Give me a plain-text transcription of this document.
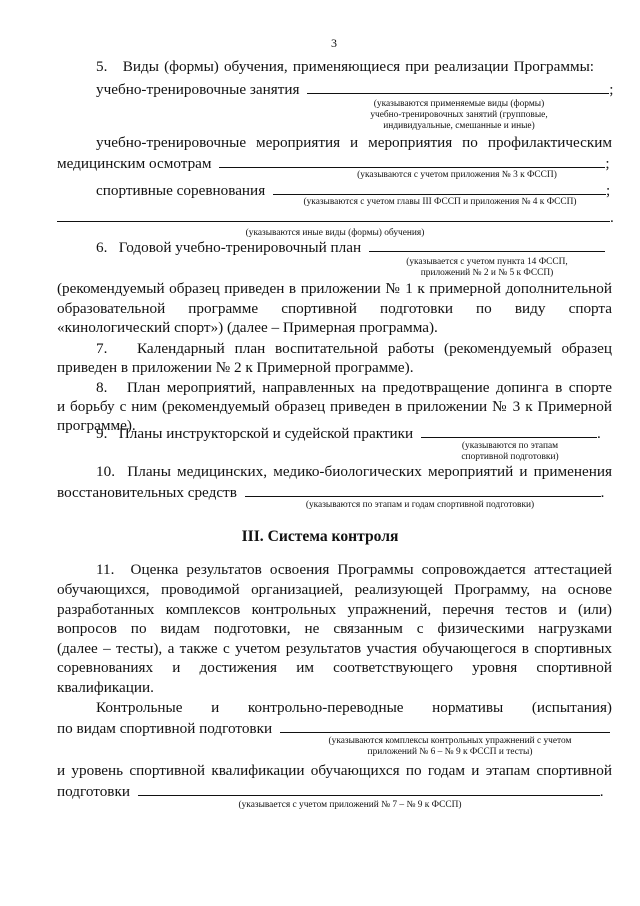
3
5.   Виды (формы) обучения, применяющиеся при реализации Программы:
учебно-тренировочные занятия	;
(указываются применяемые виды (формы)
учебно-тренировочных занятий (групповые,
индивидуальные, смешанные и иные)
учебно-тренировочные мероприятия и мероприятия по профилактическим
медицинским осмотрам	;
(указываются с учетом приложения № 3 к ФССП)
спортивные соревнования	;
(указываются с учетом главы III ФССП и приложения № 4 к ФССП)
.
(указываются иные виды (формы) обучения)
6.   Годовой учебно-тренировочный план
(указывается с учетом пункта 14 ФССП,
приложений № 2 и № 5 к ФССП)
(рекомендуемый образец приведен в приложении № 1 к примерной дополнительной
образовательной программе спортивной подготовки по виду спорта
«кинологический спорт») (далее – Примерная программа).
7.   Календарный план воспитательной работы (рекомендуемый образец
приведен в приложении № 2 к Примерной программе).
8.   План мероприятий, направленных на предотвращение допинга в спорте
и борьбу с ним (рекомендуемый образец приведен в приложении № 3 к Примерной
программе).
9.   Планы инструкторской и судейской практики	.
(указываются по этапам
спортивной подготовки)
10.  Планы медицинских, медико-биологических мероприятий и применения
восстановительных средств	.
(указываются по этапам и годам спортивной подготовки)
III. Система контроля
11.  Оценка результатов освоения Программы сопровождается аттестацией
обучающихся, проводимой организацией, реализующей Программу, на основе
разработанных комплексов контрольных упражнений, перечня тестов и (или)
вопросов по видам подготовки, не связанным с физическими нагрузками
(далее – тесты), а также с учетом результатов участия обучающегося в спортивных
соревнованиях и достижения им соответствующего уровня спортивной
квалификации.
Контрольные и контрольно-переводные нормативы (испытания)
по видам спортивной подготовки
(указываются комплексы контрольных упражнений с учетом
приложений № 6 – № 9 к ФССП и тесты)
и уровень спортивной квалификации обучающихся по годам и этапам спортивной
подготовки	.
(указывается с учетом приложений № 7 – № 9 к ФССП)
